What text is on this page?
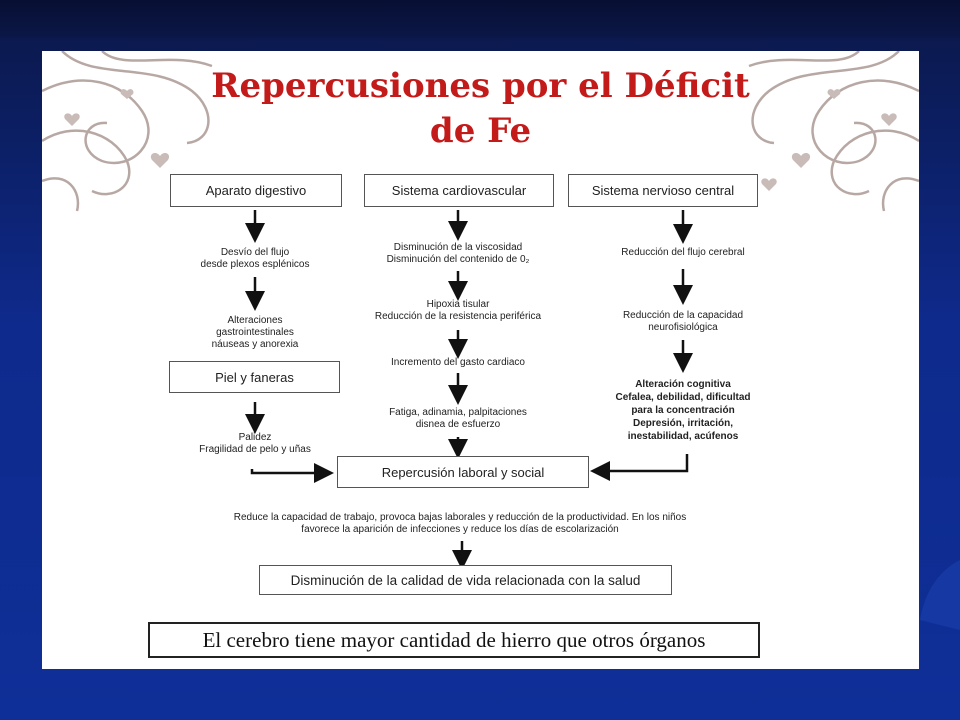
Repercusiones por el Déficit
de Fe
Aparato digestivo
Desvío del flujo
desde plexos esplénicos
Alteraciones
gastrointestinales
náuseas y anorexia
Piel y faneras
Palidez
Fragilidad de pelo y uñas
Sistema cardiovascular
Disminución de la viscosidad
Disminución del contenido de 0₂
Hipoxia tisular
Reducción de la resistencia periférica
Incremento del gasto cardiaco
Fatiga, adinamia, palpitaciones
disnea de esfuerzo
Sistema nervioso central
Reducción del flujo cerebral
Reducción de la capacidad
neurofisiológica
Alteración cognitiva
Cefalea, debilidad, dificultad
para la concentración
Depresión, irritación,
inestabilidad, acúfenos
Repercusión laboral y social
Reduce la capacidad de trabajo, provoca bajas laborales y reducción de la productividad. En los niños
favorece la aparición de infecciones y reduce los días de escolarización
Disminución de la calidad de vida relacionada con la salud
El cerebro tiene mayor cantidad de hierro que otros órganos
